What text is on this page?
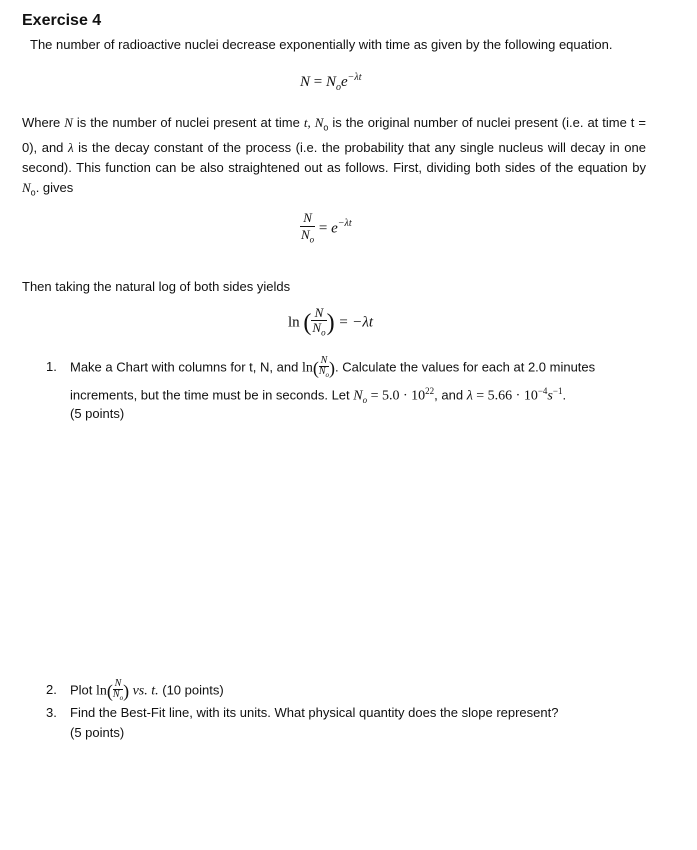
Exercise 4
The number of radioactive nuclei decrease exponentially with time as given by the following equation.
$N = N_oe^{-\lambda t}$
Where N is the number of nuclei present at time t, $N_o$ is the original number of nuclei present (i.e. at time t = 0), and λ is the decay constant of the process (i.e. the probability that any single nucleus will decay in one second). This function can be also straightened out as follows. First, dividing both sides of the equation by $N_o$. gives
$\frac{N}{N_o} = e^{-\lambda t}$
Then taking the natural log of both sides yields
ln ( $\frac{N}{N_o}$ ) = −λt
1. Make a Chart with columns for t, N, and $\ln( \frac{N}{N_o})$. Calculate the values for each at 2.0 minutes
increments, but the time must be in seconds. Let $N_o = 5.0 \cdot 10^{22}$, and $\lambda = 5.66 \cdot 10^{-4}s^{-1}$.
(5 points)
2. Plot $\ln( \frac{N}{N_o})$ vs. t. (10 points)
3. Find the Best-Fit line, with its units. What physical quantity does the slope represent?
(5 points)
